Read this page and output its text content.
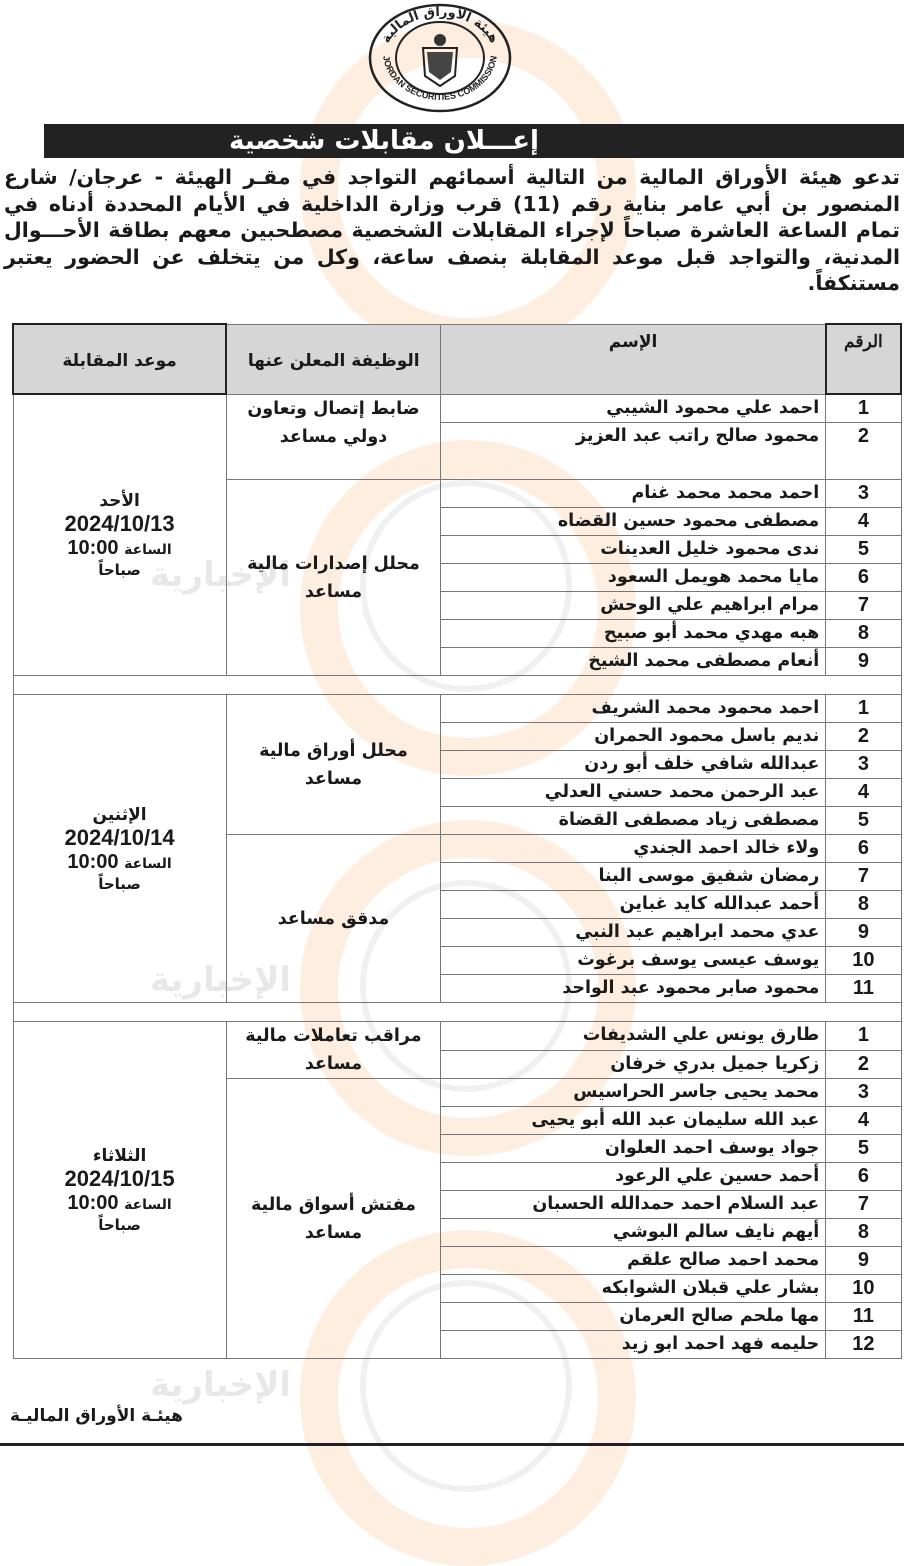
الإخبارية
الإخبارية
الإخبارية
هيئة الأوراق المالية
JORDAN SECURITIES COMMISSION
إعـــلان مقابلات شخصية
تدعو هيئة الأوراق المالية من التالية أسمائهم التواجد في مقـر الهيئة - عرجان/ شارع المنصور بن أبي عامر بناية رقم (11) قرب وزارة الداخلية في الأيام المحددة أدناه في تمام الساعة العاشرة صباحاً لإجراء المقابلات الشخصية مصطحبين معهم بطاقة الأحـــوال المدنية، والتواجد قبل موعد المقابلة بنصف ساعة، وكل من يتخلف عن الحضور يعتبر مستنكفاً.
الرقم	الإسم	الوظيفة المعلن عنها	موعد المقابلة
1	احمد علي محمود الشيبي	ضابط إتصال وتعاون دولي مساعد	الأحد
2024/10/13
الساعة 10:00
صباحاً

2	محمود صالح راتب عبد العزيز		
3	احمد محمد محمد غنام	محلل إصدارات مالية مساعد	
4	مصطفى محمود حسين القضاه		
5	ندى محمود خليل العدينات		
6	مايا محمد هويمل السعود		
7	مرام ابراهيم علي الوحش		
8	هبه مهدي محمد أبو صبيح		
9	أنعام مصطفى محمد الشيخ		

1	احمد محمود محمد الشريف	محلل أوراق مالية مساعد	الإثنين
2024/10/14
الساعة 10:00
صباحاً

2	نديم باسل محمود الحمران		
3	عبدالله شافي خلف أبو ردن		
4	عبد الرحمن محمد حسني العدلي		
5	مصطفى زياد مصطفى القضاة		
6	ولاء خالد احمد الجندي	مدقق مساعد	
7	رمضان شفيق موسى البنا		
8	أحمد عبدالله كايد غباين		
9	عدي محمد ابراهيم عبد النبي		
10	يوسف عيسى يوسف برغوث		
11	محمود صابر محمود عبد الواحد		

1	طارق يونس علي الشديفات	مراقب تعاملات مالية مساعد	الثلاثاء
2024/10/15
الساعة 10:00
صباحاً

2	زكريا جميل بدري خرفان		
3	محمد يحيى جاسر الحراسيس	مفتش أسواق مالية مساعد	
4	عبد الله سليمان عبد الله أبو يحيى		
5	جواد يوسف احمد العلوان		
6	أحمد حسين علي الرعود		
7	عبد السلام احمد حمدالله الحسبان		
8	أيهم نايف سالم البوشي		
9	محمد احمد صالح علقم		
10	بشار علي قبلان الشوابكه		
11	مها ملحم صالح العرمان		
12	حليمه فهد احمد ابو زيد		
هيئـة الأوراق الماليـة
